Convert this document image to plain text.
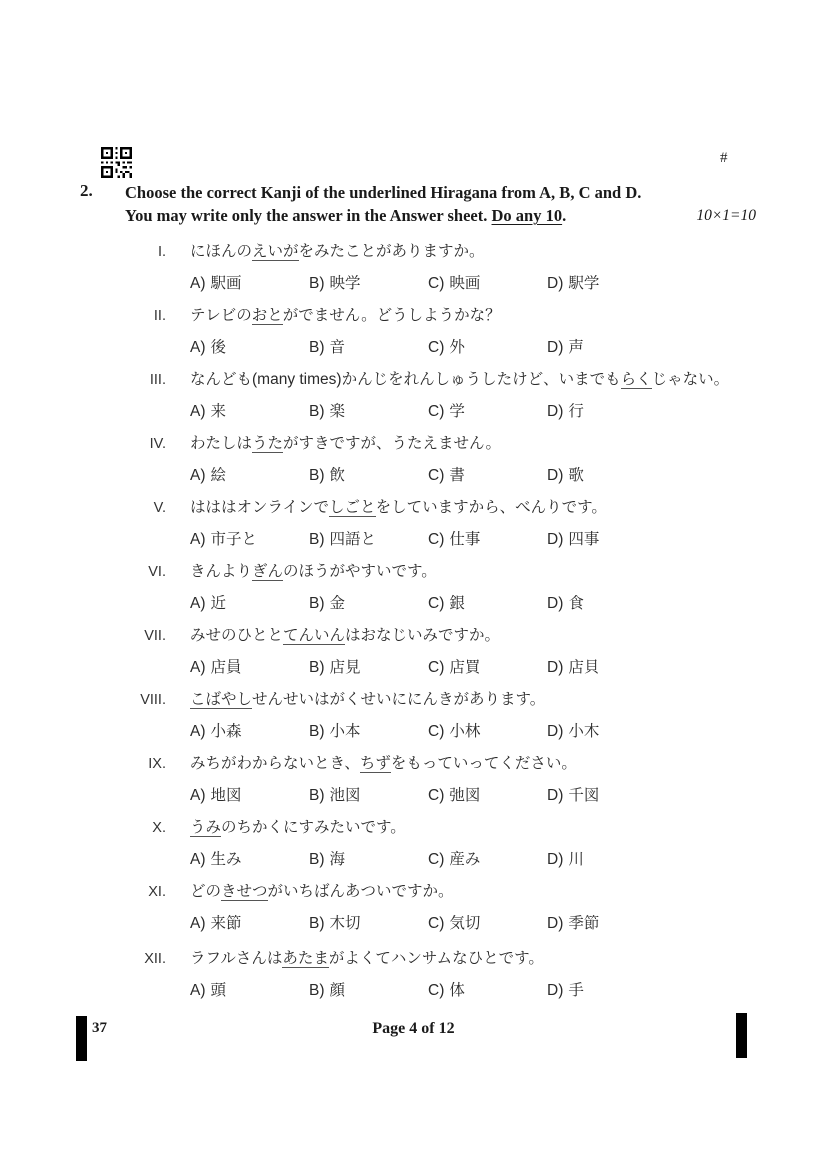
#
2.	Choose the correct Kanji of the underlined Hiragana from A, B, C and D.
You may write only the answer in the Answer sheet. Do any 10.	10×1=10
I. にほんのえいがをみたことがありますか。
A) 駅画	B) 映学	C) 映画	D) 駅学
II. テレビのおとがでません。どうしようかな？
A) 後	B) 音	C) 外	D) 声
III. なんども(many times)かんじをれんしゅうしたけど、いまでもらくじゃない。
A) 来	B) 楽	C) 学	D) 行
IV. わたしはうたがすきですが、うたえません。
A) 絵	B) 飲	C) 書	D) 歌
V. はははオンラインでしごとをしていますから、べんりです。
A) 市子と	B) 四語と	C) 仕事	D) 四事
VI. きんよりぎんのほうがやすいです。
A) 近	B) 金	C) 銀	D) 食
VII. みせのひととてんいんはおなじいみですか。
A) 店員	B) 店見	C) 店買	D) 店貝
VIII. こばやしせんせいはがくせいににんきがあります。
A) 小森	B) 小本	C) 小林	D) 小木
IX. みちがわからないとき、ちずをもっていってください。
A) 地図	B) 池図	C) 弛図	D) 千図
X. うみのちかくにすみたいです。
A) 生み	B) 海	C) 産み	D) 川
XI. どのきせつがいちばんあついですか。
A) 来節	B) 木切	C) 気切	D) 季節
XII. ラフルさんはあたまがよくてハンサムなひとです。
A) 頭	B) 顔	C) 体	D) 手
37	Page 4 of 12
